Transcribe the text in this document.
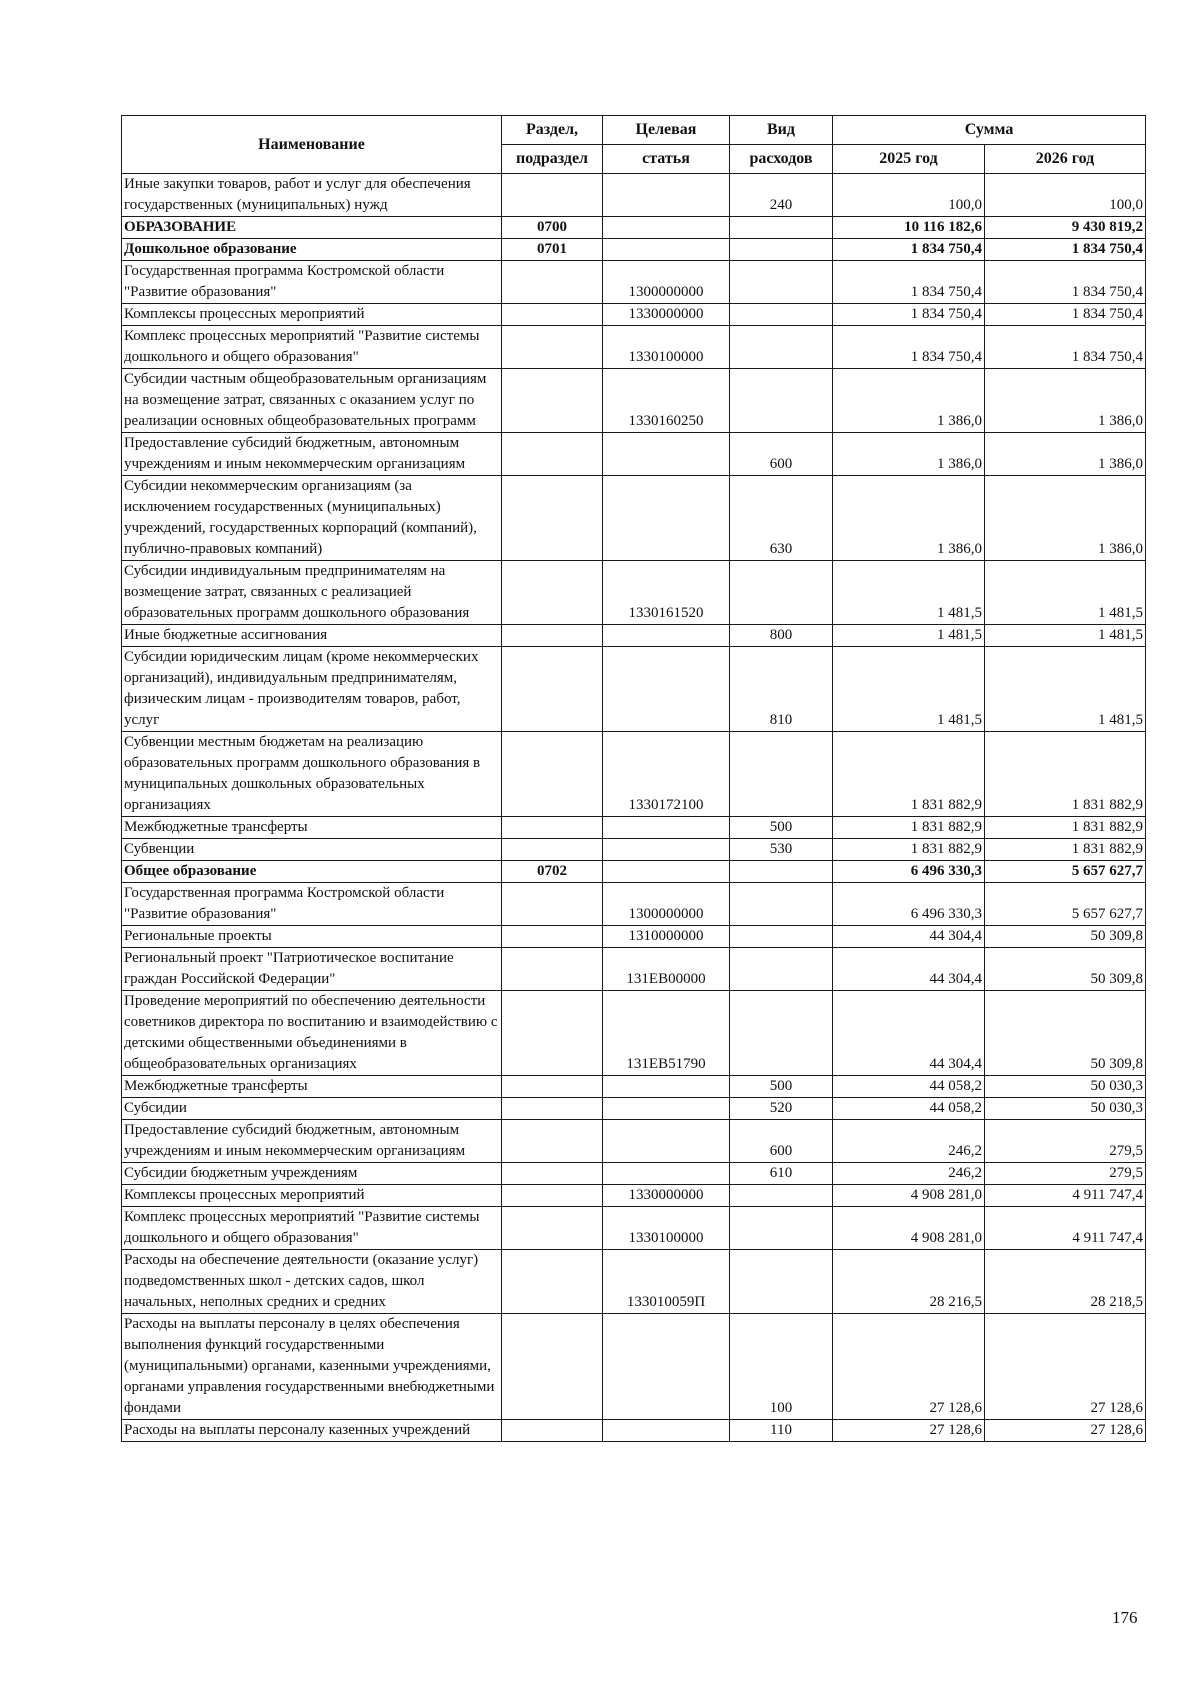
Наименование	Раздел,	Целевая	Вид	Сумма	
	подраздел	статья	расходов	2025 год	2026 год
Иные закупки товаров, работ и услуг для обеспечения государственных (муниципальных) нужд			240	100,0	100,0
ОБРАЗОВАНИЕ	0700			10 116 182,6	9 430 819,2
Дошкольное образование	0701			1 834 750,4	1 834 750,4
Государственная программа Костромской области "Развитие образования"		1300000000		1 834 750,4	1 834 750,4
Комплексы процессных мероприятий		1330000000		1 834 750,4	1 834 750,4
Комплекс процессных мероприятий "Развитие системы дошкольного и общего образования"		1330100000		1 834 750,4	1 834 750,4
Субсидии частным общеобразовательным организациям на возмещение затрат, связанных с оказанием услуг по реализации основных общеобразовательных программ		1330160250		1 386,0	1 386,0
Предоставление субсидий бюджетным, автономным учреждениям и иным некоммерческим организациям			600	1 386,0	1 386,0
Субсидии некоммерческим организациям (за исключением государственных (муниципальных) учреждений, государственных корпораций (компаний), публично-правовых компаний)			630	1 386,0	1 386,0
Субсидии индивидуальным предпринимателям на возмещение затрат, связанных с реализацией образовательных программ дошкольного образования		1330161520		1 481,5	1 481,5
Иные бюджетные ассигнования			800	1 481,5	1 481,5
Субсидии юридическим лицам (кроме некоммерческих организаций), индивидуальным предпринимателям, физическим лицам - производителям товаров, работ, услуг			810	1 481,5	1 481,5
Субвенции местным бюджетам на реализацию образовательных программ дошкольного образования в муниципальных дошкольных образовательных организациях		1330172100		1 831 882,9	1 831 882,9
Межбюджетные трансферты			500	1 831 882,9	1 831 882,9
Субвенции			530	1 831 882,9	1 831 882,9
Общее образование	0702			6 496 330,3	5 657 627,7
Государственная программа Костромской области "Развитие образования"		1300000000		6 496 330,3	5 657 627,7
Региональные проекты		1310000000		44 304,4	50 309,8
Региональный проект "Патриотическое воспитание граждан Российской Федерации"		131ЕВ00000		44 304,4	50 309,8
Проведение мероприятий по обеспечению деятельности советников директора по воспитанию и взаимодействию с детскими общественными объединениями в общеобразовательных организациях		131ЕВ51790		44 304,4	50 309,8
Межбюджетные трансферты			500	44 058,2	50 030,3
Субсидии			520	44 058,2	50 030,3
Предоставление субсидий бюджетным, автономным учреждениям и иным некоммерческим организациям			600	246,2	279,5
Субсидии бюджетным учреждениям			610	246,2	279,5
Комплексы процессных мероприятий		1330000000		4 908 281,0	4 911 747,4
Комплекс процессных мероприятий "Развитие системы дошкольного и общего образования"		1330100000		4 908 281,0	4 911 747,4
Расходы на обеспечение деятельности (оказание услуг) подведомственных школ - детских садов, школ начальных, неполных средних и средних		133010059П		28 216,5	28 218,5
Расходы на выплаты персоналу в целях обеспечения выполнения функций государственными (муниципальными) органами, казенными учреждениями, органами управления государственными внебюджетными фондами			100	27 128,6	27 128,6
Расходы на выплаты персоналу казенных учреждений			110	27 128,6	27 128,6
176
